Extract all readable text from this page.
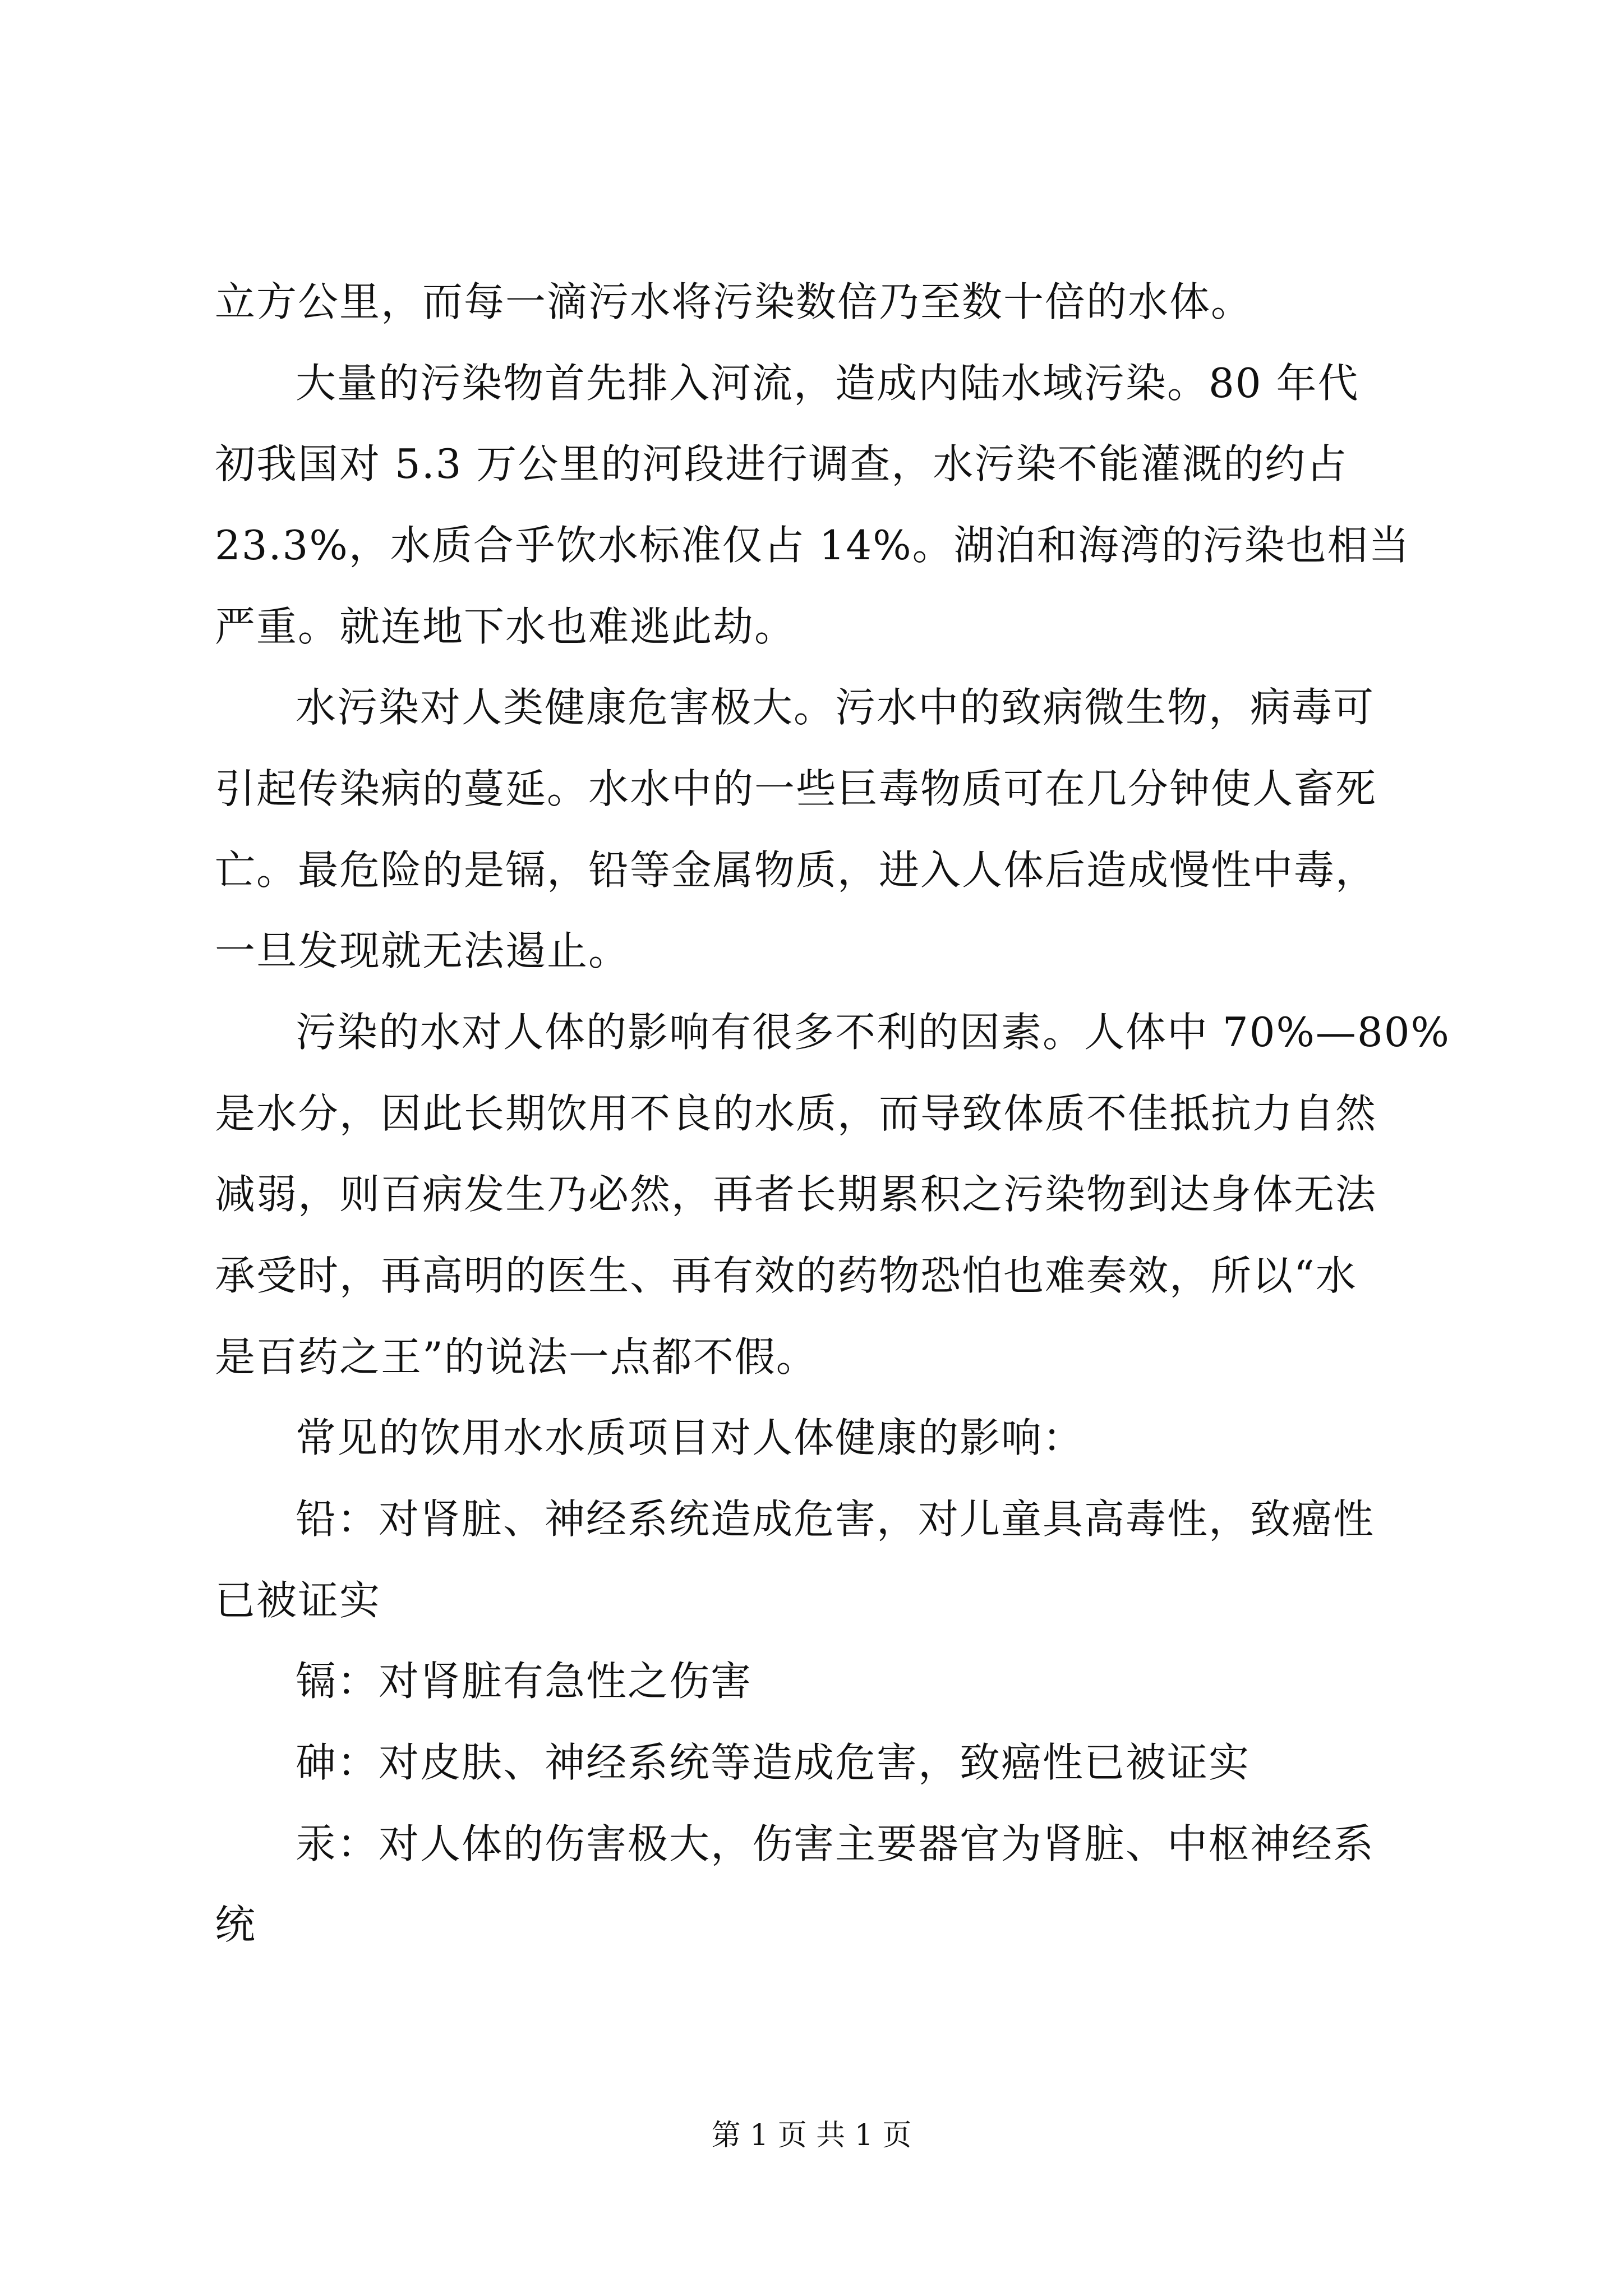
立方公里，而每一滴污水将污染数倍乃至数十倍的水体。
大量的污染物首先排入河流，造成内陆水域污染。80 年代
初我国对 5.3 万公里的河段进行调查，水污染不能灌溉的约占
23.3%，水质合乎饮水标准仅占 14%。湖泊和海湾的污染也相当
严重。就连地下水也难逃此劫。
水污染对人类健康危害极大。污水中的致病微生物，病毒可
引起传染病的蔓延。水水中的一些巨毒物质可在几分钟使人畜死
亡。最危险的是镉，铅等金属物质，进入人体后造成慢性中毒，
一旦发现就无法遏止。
污染的水对人体的影响有很多不利的因素。人体中 70%—80%
是水分，因此长期饮用不良的水质，而导致体质不佳抵抗力自然
减弱，则百病发生乃必然，再者长期累积之污染物到达身体无法
承受时，再高明的医生、再有效的药物恐怕也难奏效，所以“水
是百药之王”的说法一点都不假。
常见的饮用水水质项目对人体健康的影响：
铅：对肾脏、神经系统造成危害，对儿童具高毒性，致癌性
已被证实
镉：对肾脏有急性之伤害
砷：对皮肤、神经系统等造成危害，致癌性已被证实
汞：对人体的伤害极大，伤害主要器官为肾脏、中枢神经系
统
第 1 页 共 1 页
